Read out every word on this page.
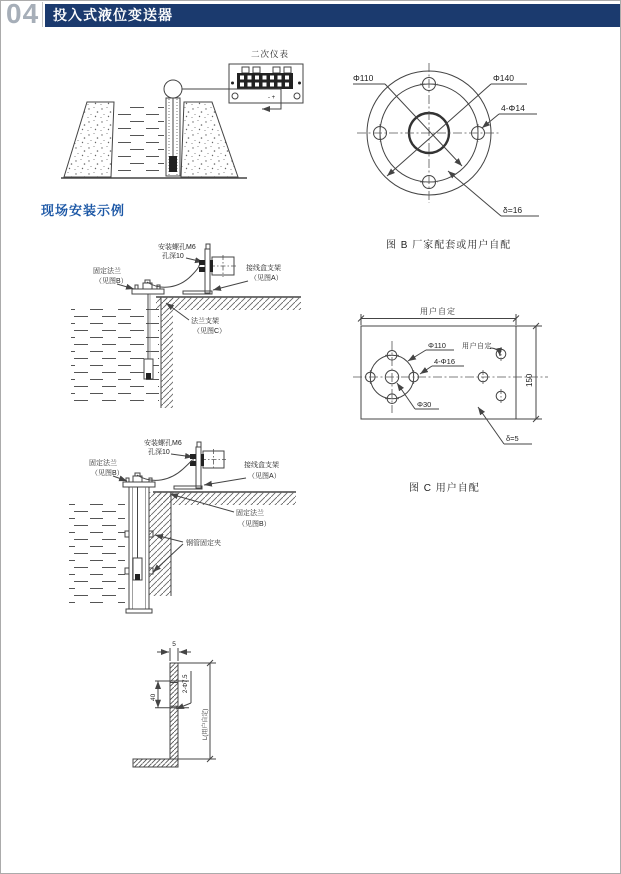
04 投入式液位变送器
二次仪表
- +
Φ110	Φ140
4-Φ14
δ=16
图 B 厂家配套或用户自配
用户自定
150
Φ110
4-Φ16
Φ30
用户自定
δ=5
图 C 用户自配
现场安装示例
安装螺孔M6
孔深10
接线盒支架
（见图A）
固定法兰
（见图B）
法兰支架
（见图C）
安装螺孔M6
孔深10
接线盒支架
（见图A）
固定法兰
（见图B）
固定法兰
（见图B）
钢管固定夹
5
40
2-Φ7.5
L(用户自定)
